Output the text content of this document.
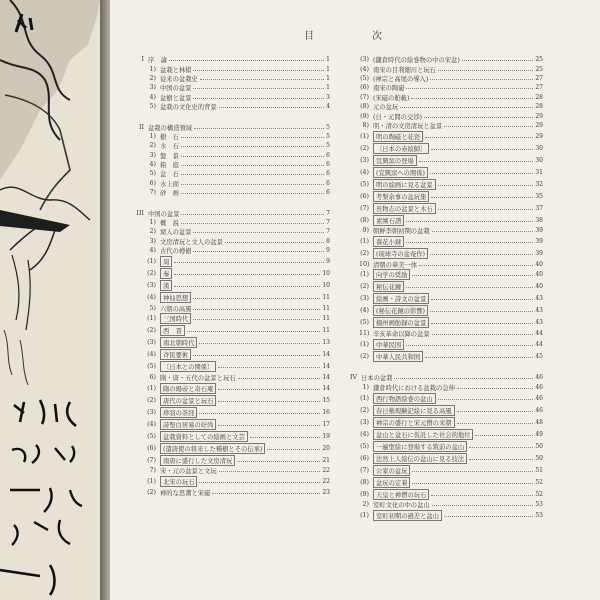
目　次
I 序　論	1
1) 盆栽と林棋	1
2) 従来の盆栽史	1
3) 中国の盆景	1
4) 盆樹と盆景	3
5) 盆栽の文化史的背景	4
II 盆栽の構造領域	5
1) 樹　石	5
2) 水　石	5
3) 盤　景	6
4) 箱　庭	6
5) 盆　石	6
6) 水上面	6
7) 砂　画	6
III 中国の盆景	7
1) 概　説	7
2) 窟人の盆景	7
3) 文房清玩と文人の盆景	8
4) 古代の樽樹	9
(1)	周	9
(2)	秦	10
(3)	漢	10
(4)	神仙思想	11
5) 六朝の高風	11
(1)	三国時代	11
(2)	西　晋	11
(3)	南北朝時代	13
(4)	斉民要術	14
(5)	〔日本との関係〕	14
6) 隋・唐・五代の盆景と玩石	14
(1)	隋の煬帝と奇石庵	14
(2)	唐代の盆景と玩石	15
(3)	珍羽の茶経	16
(4)	詩聖白居易の好尚	17
(5)	盆栽資料としての絵画と文芸	19
(6)	(遣唐使の将来した種樹とその伝承)	20
(7)	南唐に盛行した文房清玩	21
7) 宋・元の盆景と文玩	22
(1)	北宋の玩石	22
(2) 禅的な思潮と宋磁	23
(3) (鎌倉時代の絵巻物の中の宋盆)	25
(4) 南宋の目利細川と玩石	25
(5) (禅宗と高尾の導入)	27
(6) 南宋の陶磁	27
(7) (宋磁の舶載)	28
(8) 元の盆玩	28
(9) (日・元間の交渉)	29
8) 明・清の文房清玩と盆景	29
(1)	明の陶磁と花瓷	29
(2)	〔日本の赤絵師〕	30
(3)	宣興窯の登場	30
(4)	(宜興窯への関係)	31
(5)	明の絵画に見る盆景	32
(6)	考槃余事の盆玩集	35
(7)	長物志の盆景と木石	37
(8)	素園石譜	38
9) 朝鮮李朝初期の盆栽	39
(1)	養花小録	39
(2)	(琉球寺の盆奄作)	39
10) 清朝の華美一体	40
(1)	向学の奨励	40
(2)	秘伝花鏡	40
(3)	絵画・詩文の盆景	43
(4)	(秘伝花鏡の影響)	43
(5)	揚州画舫録の盆景	43
11) 辛亥革命以降の盆景	44
(1)	中華民国	44
(2)	中華人民共和国	45
IV 日本の盆栽	46
1) 鎌倉時代における盆栽の急伸	46
(1)	西行物語絵巻の盆山	46
(2)	春日権現験記絵に見る高風	46
(3)	禅宗の盛行と宋元僧の来朝	48
(4)	盆山と盆石に仮託した社会的地位	49
(5)	一遍聖絵に登場する筑前の盆山	50
(6)	法然上人絵伝の盆山に見る技法	50
(7)	公家の盆玩	51
(8)	盆玩の定着	52
(9)	天皇と禅僧の玩石	52
2) 室町文化の中の盆山	53
(1)	室町初期の過差と盆山	53
